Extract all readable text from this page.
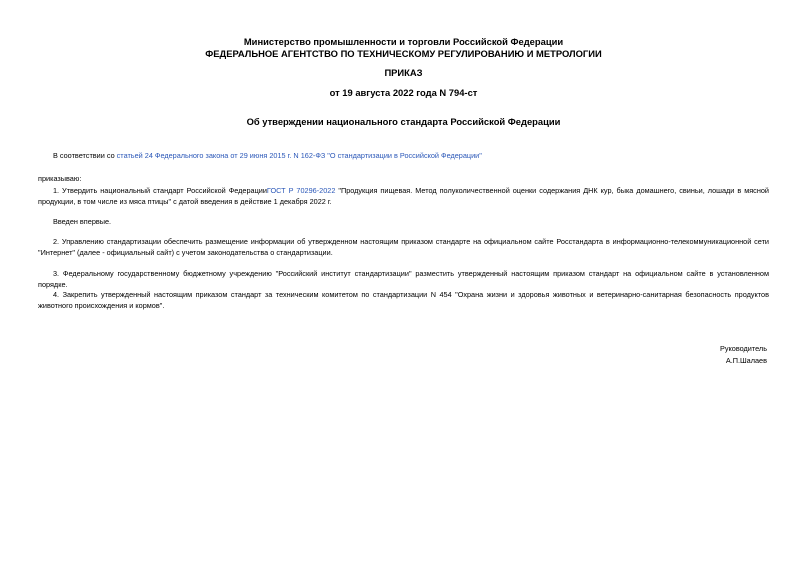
Министерство промышленности и торговли Российской Федерации
ФЕДЕРАЛЬНОЕ АГЕНТСТВО ПО ТЕХНИЧЕСКОМУ РЕГУЛИРОВАНИЮ И МЕТРОЛОГИИ
ПРИКАЗ
от 19 августа 2022 года N 794-ст
Об утверждении национального стандарта Российской Федерации

В соответствии со статьей 24 Федерального закона от 29 июня 2015 г. N 162-ФЗ "О стандартизации в Российской Федерации"

приказываю:

1. Утвердить национальный стандарт Российской ФедерацииГОСТ Р 70296-2022 "Продукция пищевая. Метод полуколичественной оценки содержания ДНК кур, быка домашнего, свиньи, лошади в мясной продукции, в том числе из мяса птицы" с датой введения в действие 1 декабря 2022 г.

Введен впервые.

2. Управлению стандартизации обеспечить размещение информации об утвержденном настоящим приказом стандарте на официальном сайте Росстандарта в информационно-телекоммуникационной сети "Интернет" (далее - официальный сайт) с учетом законодательства о стандартизации.

3. Федеральному государственному бюджетному учреждению "Российский институт стандартизации" разместить утвержденный настоящим приказом стандарт на официальном сайте в установленном порядке.

4. Закрепить утвержденный настоящим приказом стандарт за техническим комитетом по стандартизации N 454 "Охрана жизни и здоровья животных и ветеринарно-санитарная безопасность продуктов животного происхождения и кормов".

Руководитель
А.П.Шалаев
